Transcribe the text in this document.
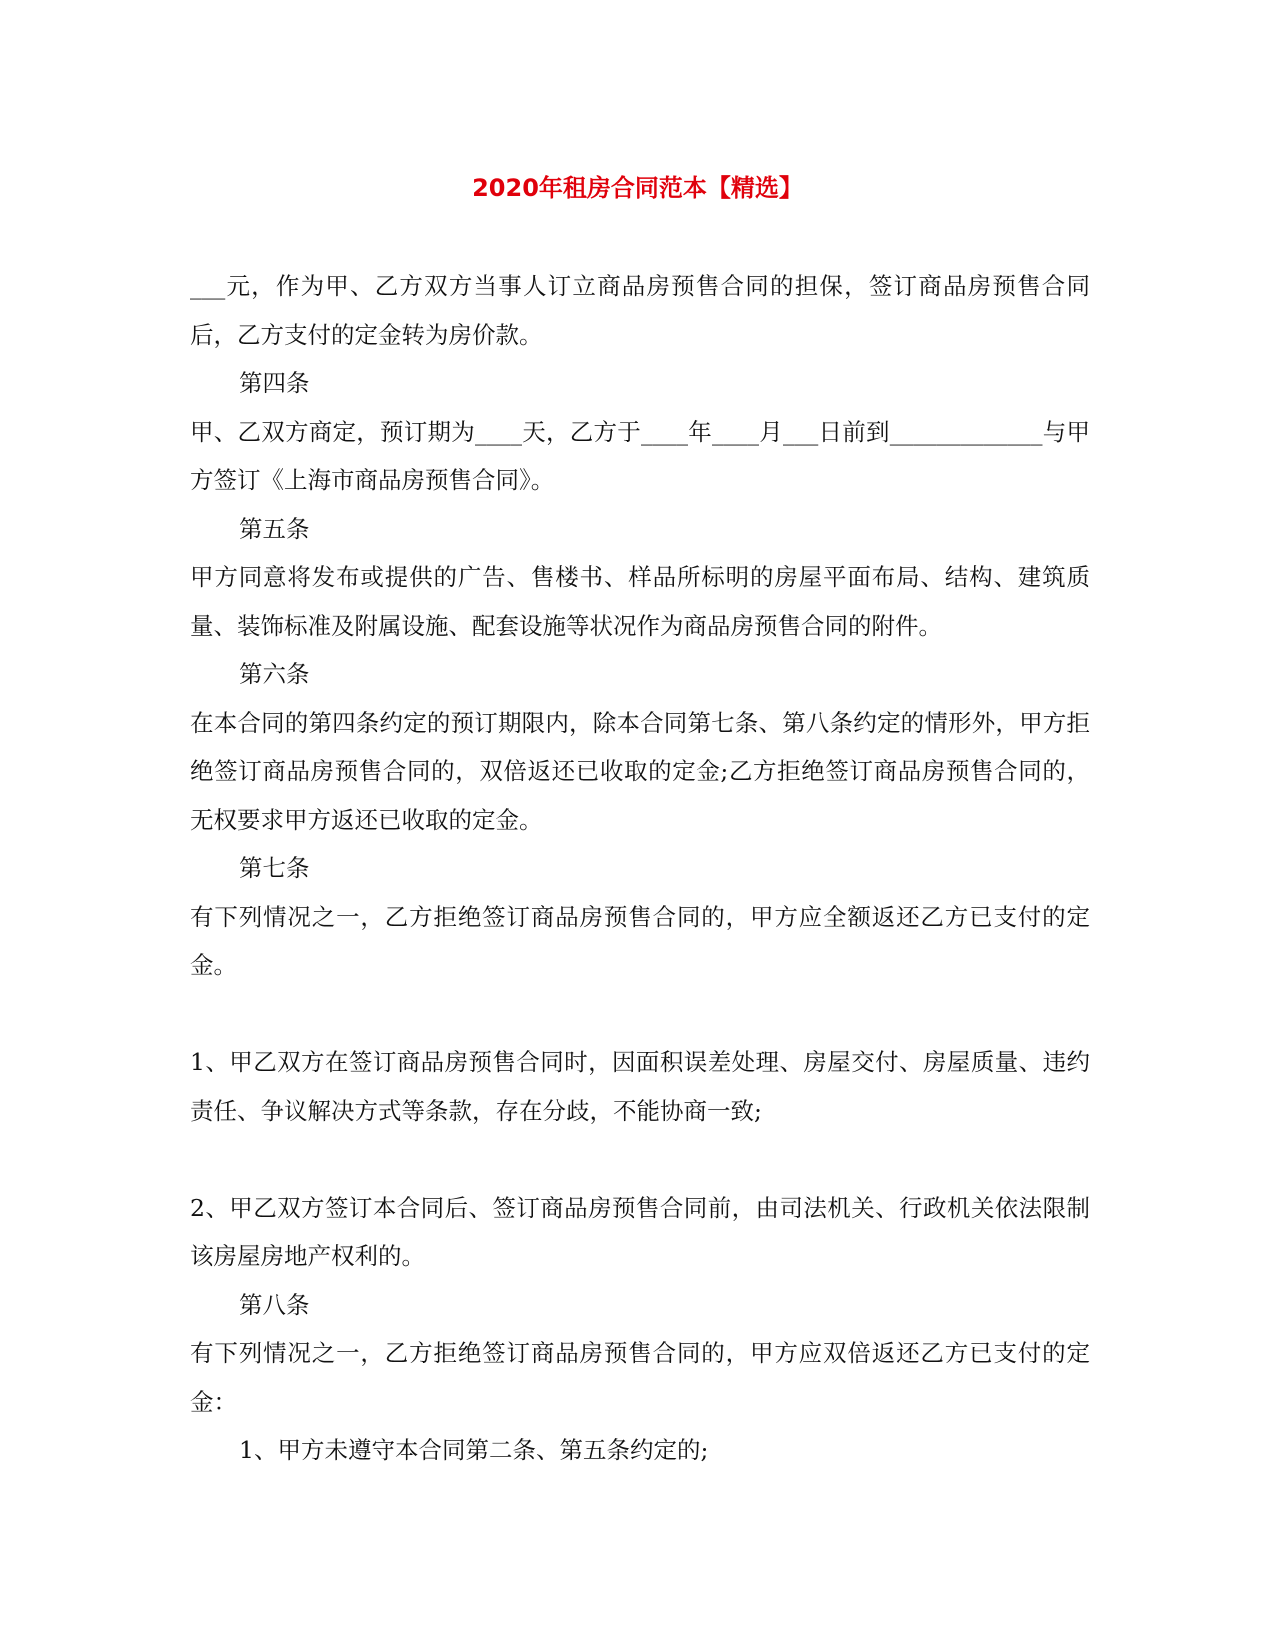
2020年租房合同范本【精选】

___元，作为甲、乙方双方当事人订立商品房预售合同的担保，签订商品房预售合同后，乙方支付的定金转为房价款。

第四条

甲、乙双方商定，预订期为____天，乙方于____年____月___日前到_____________与甲方签订《上海市商品房预售合同》。

第五条

甲方同意将发布或提供的广告、售楼书、样品所标明的房屋平面布局、结构、建筑质量、装饰标准及附属设施、配套设施等状况作为商品房预售合同的附件。

第六条

在本合同的第四条约定的预订期限内，除本合同第七条、第八条约定的情形外，甲方拒绝签订商品房预售合同的，双倍返还已收取的定金;乙方拒绝签订商品房预售合同的，无权要求甲方返还已收取的定金。

第七条

有下列情况之一，乙方拒绝签订商品房预售合同的，甲方应全额返还乙方已支付的定金。

1、甲乙双方在签订商品房预售合同时，因面积误差处理、房屋交付、房屋质量、违约责任、争议解决方式等条款，存在分歧，不能协商一致;

2、甲乙双方签订本合同后、签订商品房预售合同前，由司法机关、行政机关依法限制该房屋房地产权利的。

第八条

有下列情况之一，乙方拒绝签订商品房预售合同的，甲方应双倍返还乙方已支付的定金：

1、甲方未遵守本合同第二条、第五条约定的;
